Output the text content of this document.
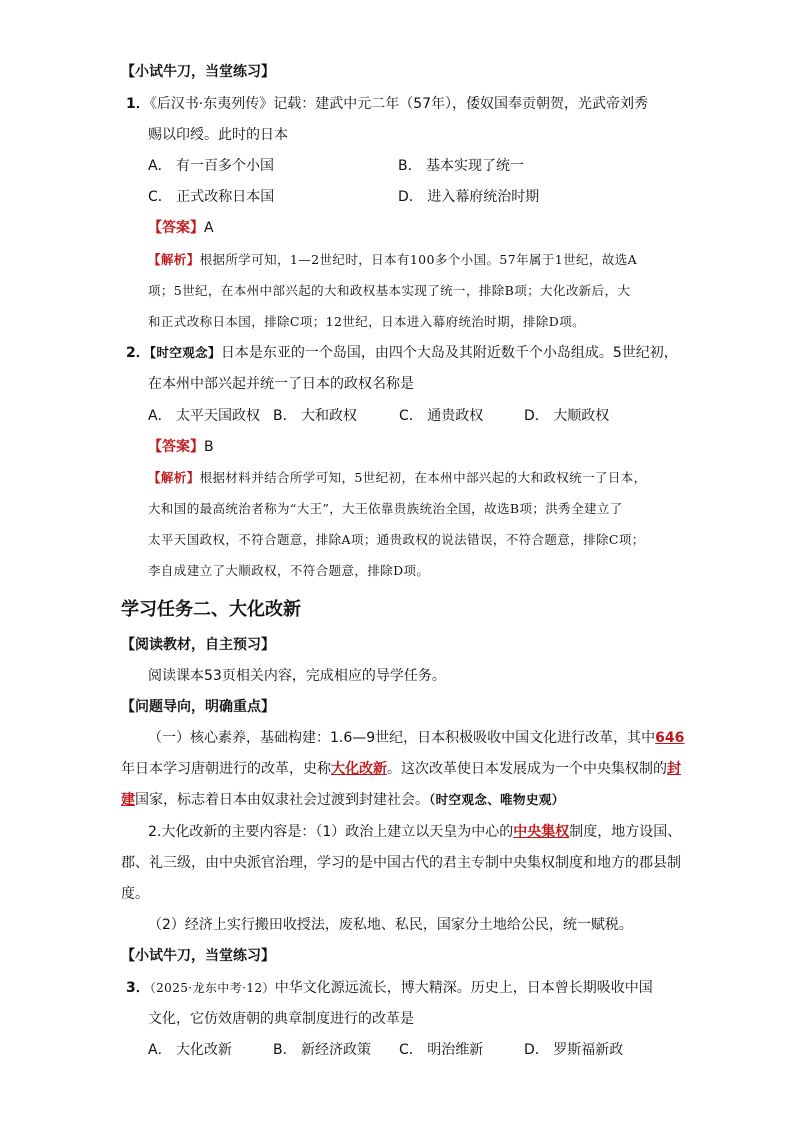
【小试牛刀，当堂练习】
1．《后汉书·东夷列传》记载：建武中元二年（57年），倭奴国奉贡朝贺，光武帝刘秀
赐以印绶。此时的日本
A． 有一百多个小国	B． 基本实现了统一
C． 正式改称日本国	D． 进入幕府统治时期
【答案】A
【解析】根据所学可知，1—2世纪时，日本有100多个小国。57年属于1世纪，故选A
项；5世纪，在本州中部兴起的大和政权基本实现了统一，排除B项；大化改新后，大
和正式改称日本国，排除C项；12世纪，日本进入幕府统治时期，排除D项。
2．【时空观念】日本是东亚的一个岛国，由四个大岛及其附近数千个小岛组成。5世纪初，
在本州中部兴起并统一了日本的政权名称是
A． 太平天国政权 B． 大和政权	C． 通贵政权	D． 大顺政权
【答案】B
【解析】根据材料并结合所学可知，5世纪初，在本州中部兴起的大和政权统一了日本，
大和国的最高统治者称为“大王”，大王依靠贵族统治全国，故选B项；洪秀全建立了
太平天国政权，不符合题意，排除A项；通贵政权的说法错误，不符合题意，排除C项；
李自成建立了大顺政权，不符合题意，排除D项。
学习任务二、大化改新
【阅读教材，自主预习】
阅读课本53页相关内容，完成相应的导学任务。
【问题导向，明确重点】
（一）核心素养，基础构建：1.6—9世纪，日本积极吸收中国文化进行改革，其中646
年日本学习唐朝进行的改革，史称大化改新。这次改革使日本发展成为一个中央集权制的封
建国家，标志着日本由奴隶社会过渡到封建社会。（时空观念、唯物史观）
2.大化改新的主要内容是：（1）政治上建立以天皇为中心的中央集权制度，地方设国、
郡、礼三级，由中央派官治理，学习的是中国古代的君主专制中央集权制度和地方的郡县制
度。
（2）经济上实行搬田收授法，废私地、私民，国家分土地给公民，统一赋税。
【小试牛刀，当堂练习】
3．（2025·龙东中考·12）中华文化源远流长，博大精深。历史上，日本曾长期吸收中国
文化，它仿效唐朝的典章制度进行的改革是
A． 大化改新	B． 新经济政策 C． 明治维新	D． 罗斯福新政
